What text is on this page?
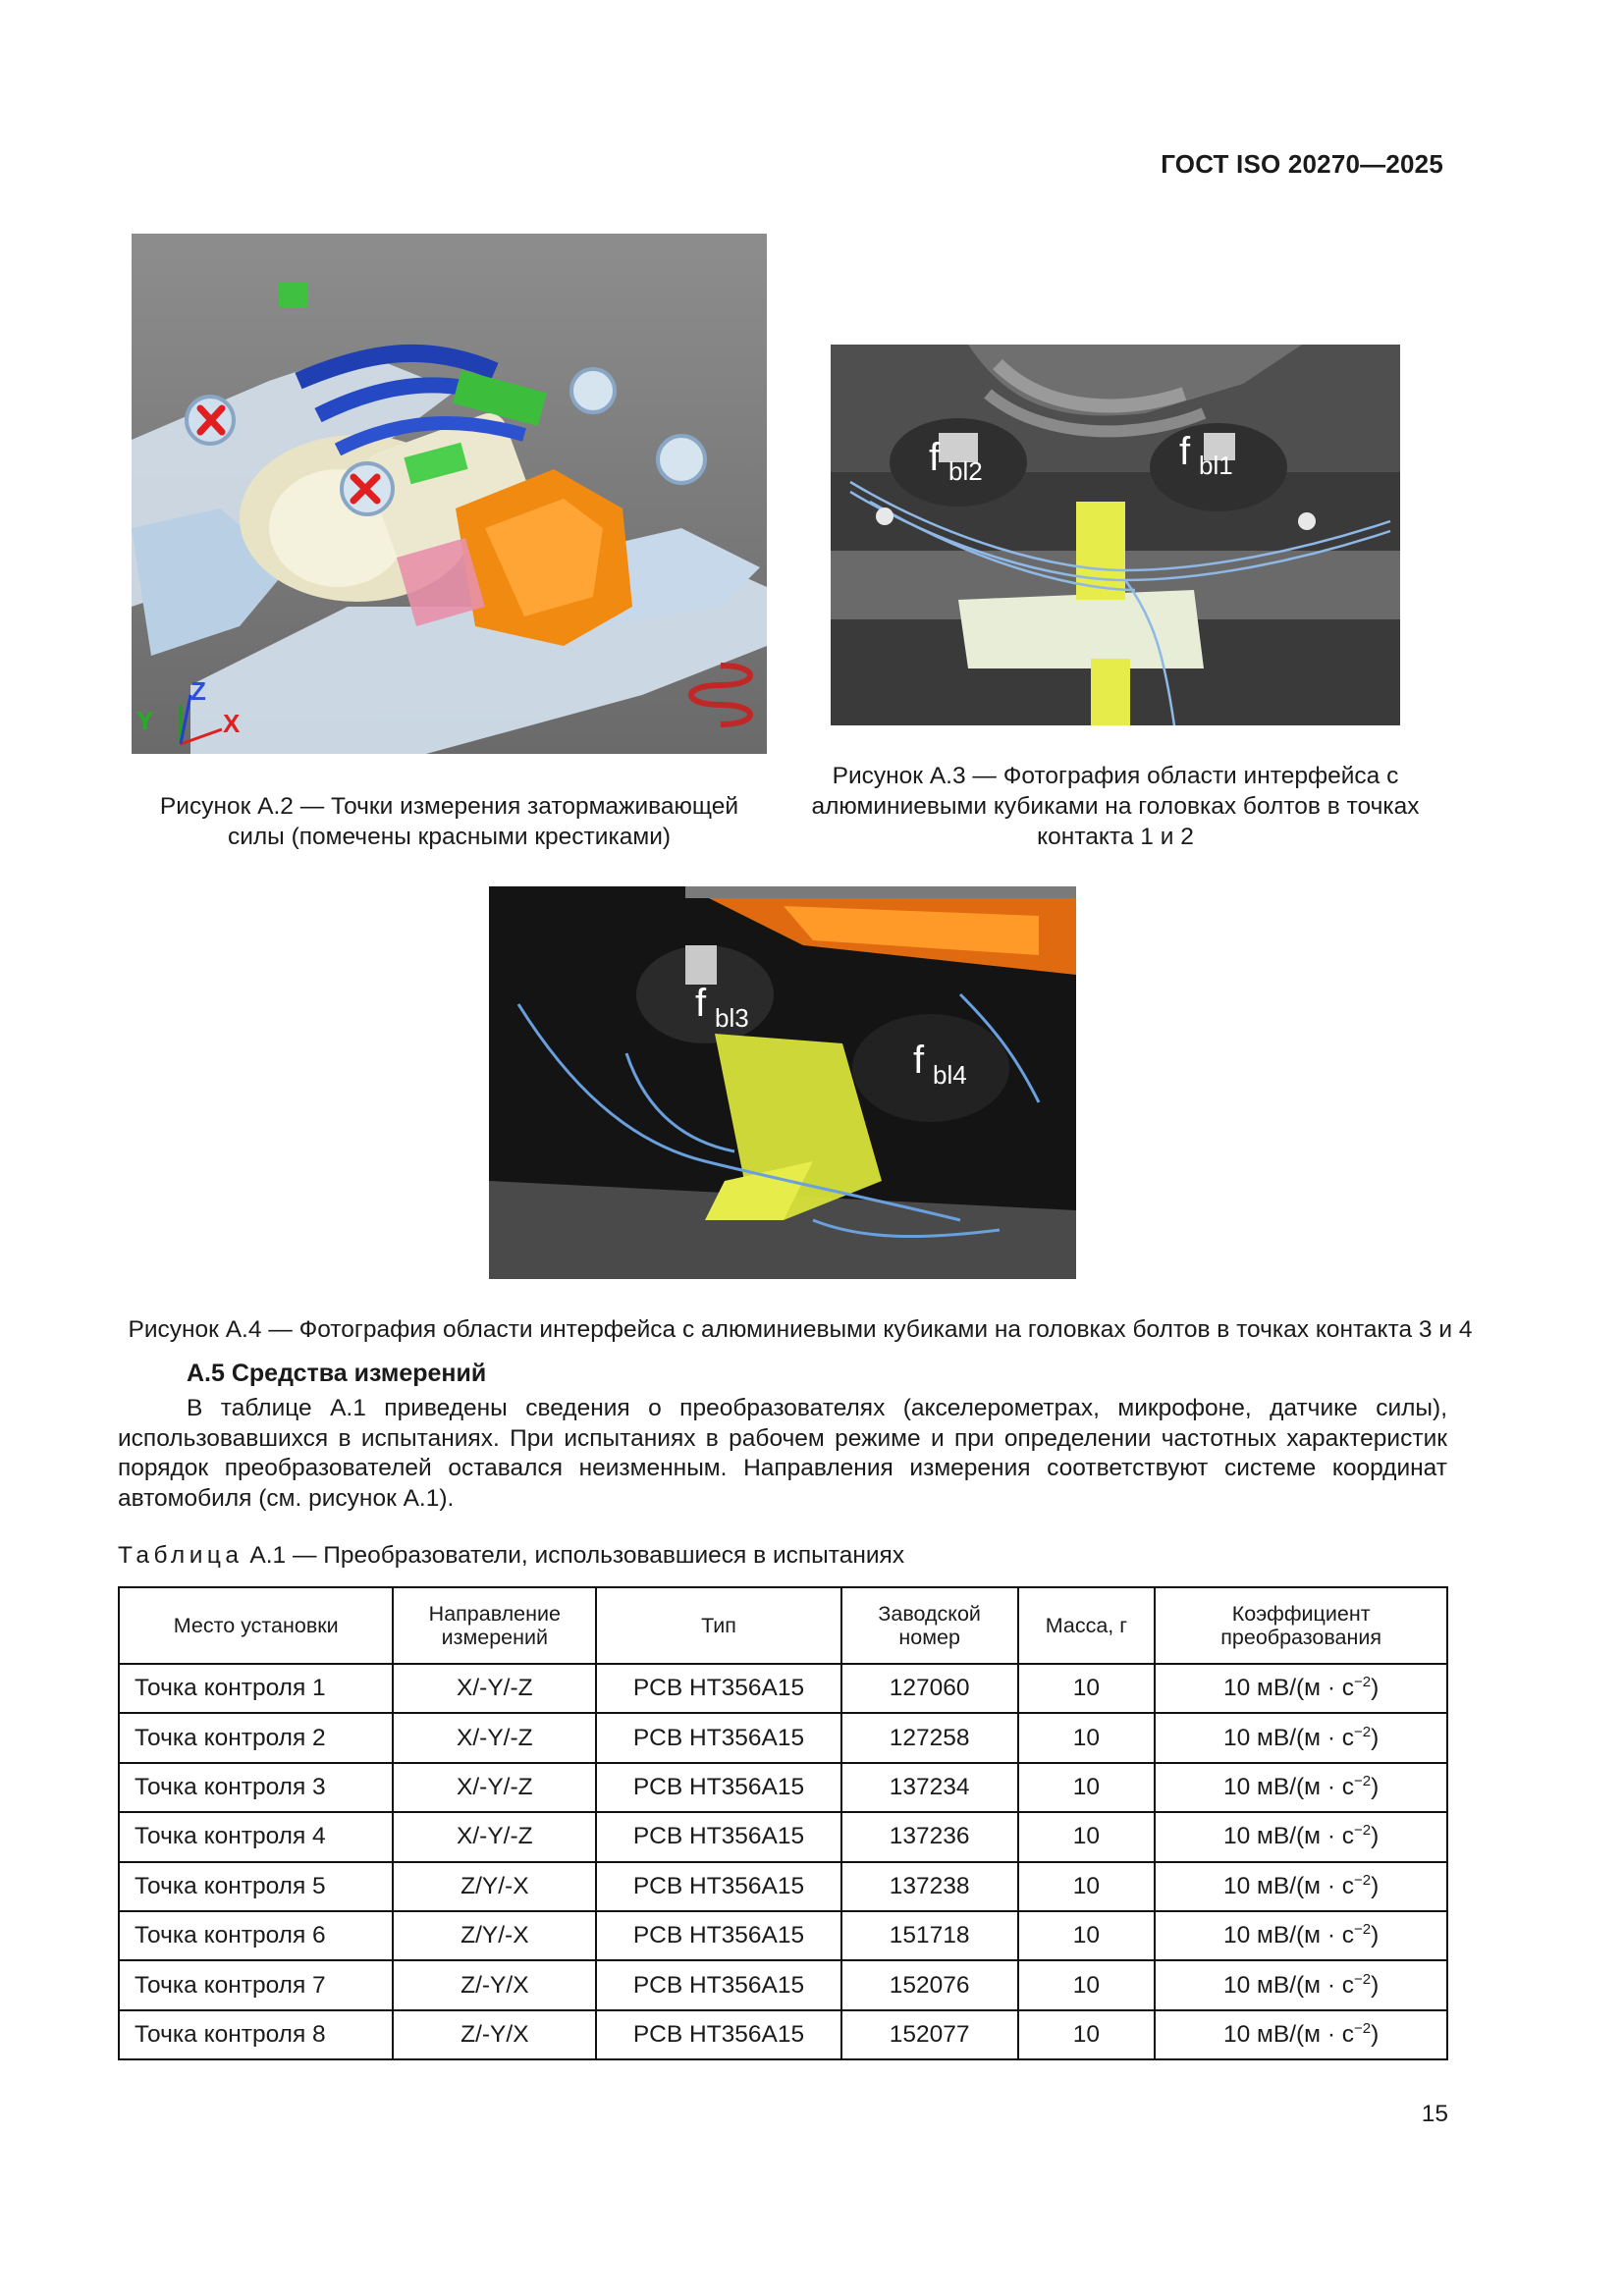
ГОСТ ISO 20270—2025
Y
Z
X
Рисунок А.2 — Точки измерения затормаживающей силы (помечены красными крестиками)
f bl2	f bl1
Рисунок А.3 — Фотография области интерфейса с алюминиевыми кубиками на головках болтов в точках контакта 1 и 2
f bl3
f bl4
Рисунок А.4 — Фотография области интерфейса с алюминиевыми кубиками на головках болтов в точках контакта 3 и 4
А.5 Средства измерений
В таблице А.1 приведены сведения о преобразователях (акселерометрах, микрофоне, датчике силы), использовавшихся в испытаниях. При испытаниях в рабочем режиме и при определении частотных характеристик порядок преобразователей оставался неизменным. Направления измерения соответствуют системе координат автомобиля (см. рисунок А.1).
Таблица А.1 — Преобразователи, использовавшиеся в испытаниях
Место установки	Направление измерений	Тип	Заводской номер	Масса, г	Коэффициент преобразования
Точка контроля 1	X/-Y/-Z	PCB HT356A15	127060	10	10 $мВ/(м \cdot с^{-2})$
Точка контроля 2	X/-Y/-Z	PCB HT356A15	127258	10	10 $мВ/(м \cdot с^{-2})$
Точка контроля 3	X/-Y/-Z	PCB HT356A15	137234	10	10 $мВ/(м \cdot с^{-2})$
Точка контроля 4	X/-Y/-Z	PCB HT356A15	137236	10	10 $мВ/(м \cdot с^{-2})$
Точка контроля 5	Z/Y/-X	PCB HT356A15	137238	10	10 $мВ/(м \cdot с^{-2})$
Точка контроля 6	Z/Y/-X	PCB HT356A15	151718	10	10 $мВ/(м \cdot с^{-2})$
Точка контроля 7	Z/-Y/X	PCB HT356A15	152076	10	10 $мВ/(м \cdot с^{-2})$
Точка контроля 8	Z/-Y/X	PCB HT356A15	152077	10	10 $мВ/(м \cdot с^{-2})$
15
